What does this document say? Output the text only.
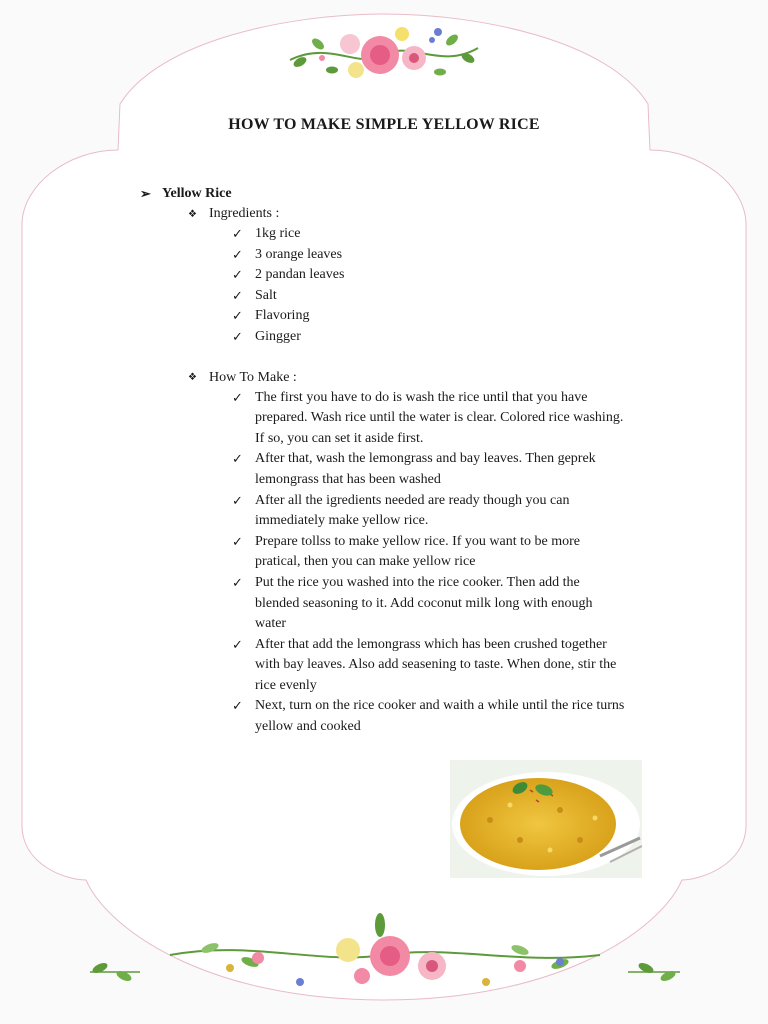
HOW TO MAKE SIMPLE YELLOW RICE
➢ Yellow Rice
❖ Ingredients :
✓ 1kg rice
✓ 3 orange leaves
✓ 2 pandan leaves
✓ Salt
✓ Flavoring
✓ Gingger
❖ How To Make :
✓ The first you have to do is wash the rice until that you have prepared. Wash rice until the water is clear. Colored rice washing. If so, you can set it aside first.
✓ After that, wash the lemongrass and bay leaves. Then geprek lemongrass that has been washed
✓ After all the igredients needed are ready though you can immediately make yellow rice.
✓ Prepare tollss to make yellow rice. If you want to be more pratical, then you can make yellow rice
✓ Put the rice you washed into the rice cooker. Then add the blended seasoning to it. Add coconut milk long with enough water
✓ After that add the lemongrass which has been crushed together with bay leaves. Also add seasening to taste. When done, stir the rice evenly
✓ Next, turn on the rice cooker and waith a while until the rice turns yellow and cooked
